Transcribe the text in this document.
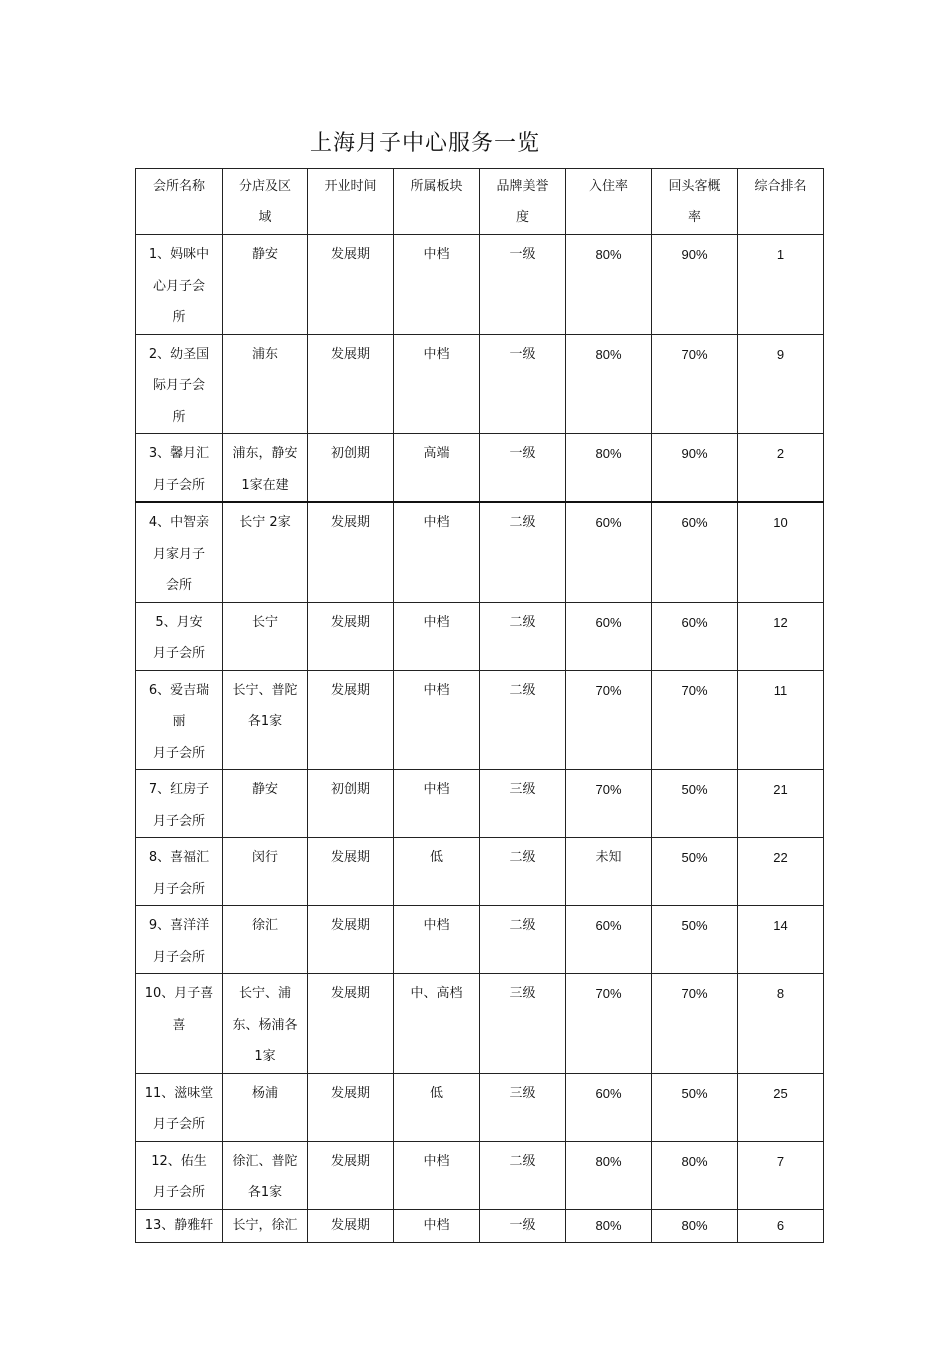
上海月子中心服务一览
会所名称	分店及区
域	开业时间	所属板块	品牌美誉
度	入住率	回头客概
率	综合排名
1、妈咪中
心月子会
所	静安	发展期	中档	一级	80%	90%	1
2、幼圣国
际月子会
所	浦东	发展期	中档	一级	80%	70%	9
3、馨月汇
月子会所	浦东，静安
1家在建	初创期	高端	一级	80%	90%	2
4、中智亲
月家月子
会所	长宁 2家	发展期	中档	二级	60%	60%	10
5、月安
月子会所	长宁	发展期	中档	二级	60%	60%	12
6、爱吉瑞
丽
月子会所	长宁、普陀
各1家	发展期	中档	二级	70%	70%	11
7、红房子
月子会所	静安	初创期	中档	三级	70%	50%	21
8、喜福汇
月子会所	闵行	发展期	低	二级	未知	50%	22
9、喜洋洋
月子会所	徐汇	发展期	中档	二级	60%	50%	14
10、月子喜
喜	长宁、浦
东、杨浦各
1家	发展期	中、高档	三级	70%	70%	8
11、滋味堂
月子会所	杨浦	发展期	低	三级	60%	50%	25
12、佑生
月子会所	徐汇、普陀
各1家	发展期	中档	二级	80%	80%	7
13、静雅轩	长宁，徐汇	发展期	中档	一级	80%	80%	6
